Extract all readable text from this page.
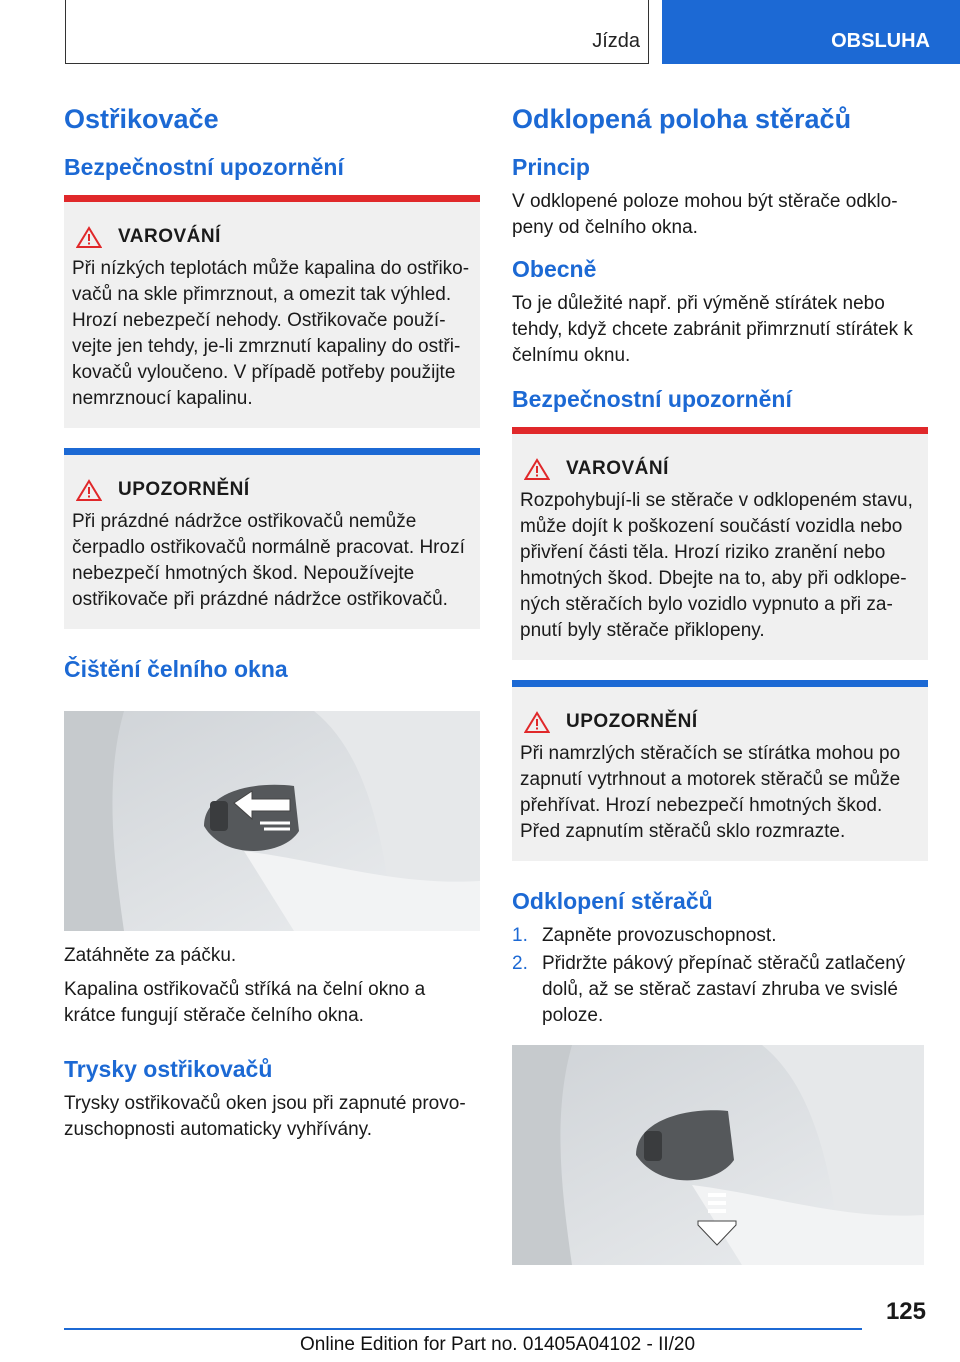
Jízda	OBSLUHA
Ostřikovače
Bezpečnostní upozornění
VAROVÁNÍ

Při nízkých teplotách může kapalina do ostřikovačů na skle přimrznout, a omezit tak výhled. Hrozí nebezpečí nehody. Ostřikovače používejte jen tehdy, je-li zmrznutí kapaliny do ostřikovačů vyloučeno. V případě potřeby použijte nemrznoucí kapalinu.

UPOZORNĚNÍ

Při prázdné nádržce ostřikovačů nemůže čerpadlo ostřikovačů normálně pracovat. Hrozí nebezpečí hmotných škod. Nepoužívejte ostřikovače při prázdné nádržce ostřikovačů.

Čištění čelního okna

Zatáhněte za páčku.

Kapalina ostřikovačů stříká na čelní okno a krátce fungují stěrače čelního okna.

Trysky ostřikovačů

Trysky ostřikovačů oken jsou při zapnuté provozuschopnosti automaticky vyhřívány.

Odklopená poloha stěračů
Princip

V odklopené poloze mohou být stěrače odklopeny od čelního okna.

Obecně

To je důležité např. při výměně stírátek nebo tehdy, když chcete zabránit přimrznutí stírátek k čelnímu oknu.

Bezpečnostní upozornění
VAROVÁNÍ

Rozpohybují-li se stěrače v odklopeném stavu, může dojít k poškození součástí vozidla nebo přivření části těla. Hrozí riziko zranění nebo hmotných škod. Dbejte na to, aby při odklopených stěračích bylo vozidlo vypnuto a při zapnutí byly stěrače přiklopeny.

UPOZORNĚNÍ

Při namrzlých stěračích se stírátka mohou po zapnutí vytrhnout a motorek stěračů se může přehřívat. Hrozí nebezpečí hmotných škod. Před zapnutím stěračů sklo rozmrazte.

Odklopení stěračů
1. Zapněte provozuschopnost.
2. Přidržte pákový přepínač stěračů zatlačený dolů, až se stěrač zastaví zhruba ve svislé poloze.
125
Online Edition for Part no. 01405A04102 - II/20
